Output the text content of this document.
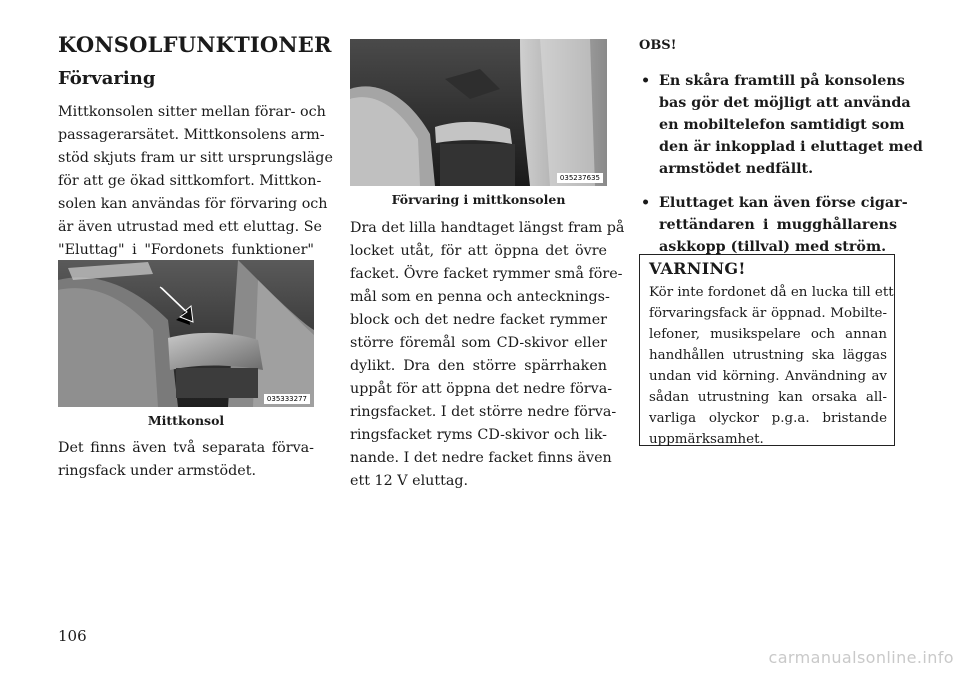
KONSOLFUNKTIONER
Förvaring

Mittkonsolen sitter mellan förar- och
passagerarsätet. Mittkonsolens arm-
stöd skjuts fram ur sitt ursprungsläge
för att ge ökad sittkomfort. Mittkon-
solen kan användas för förvaring och
är även utrustad med ett eluttag. Se
"Eluttag" i "Fordonets funktioner"

035333277
Mittkonsol

Det finns även två separata förva-
ringsfack under armstödet.

035237635
Förvaring i mittkonsolen

Dra det lilla handtaget längst fram på
locket utåt, för att öppna det övre
facket. Övre facket rymmer små före-
mål som en penna och antecknings-
block och det nedre facket rymmer
större föremål som CD-skivor eller
dylikt. Dra den större spärrhaken
uppåt för att öppna det nedre förva-
ringsfacket. I det större nedre förva-
ringsfacket ryms CD-skivor och lik-
nande. I det nedre facket finns även
ett 12 V eluttag.

OBS!
• En skåra framtill på konsolens
bas gör det möjligt att använda
en mobiltelefon samtidigt som
den är inkopplad i eluttaget med
armstödet nedfällt.
• Eluttaget kan även förse cigar-
rettändaren i mugghållarens
askkopp (tillval) med ström.
VARNING!
Kör inte fordonet då en lucka till ett
förvaringsfack är öppnad. Mobilte-
lefoner, musikspelare och annan
handhållen utrustning ska läggas
undan vid körning. Användning av
sådan utrustning kan orsaka all-
varliga olyckor p.g.a. bristande
uppmärksamhet.
106
carmanualsonline.info
